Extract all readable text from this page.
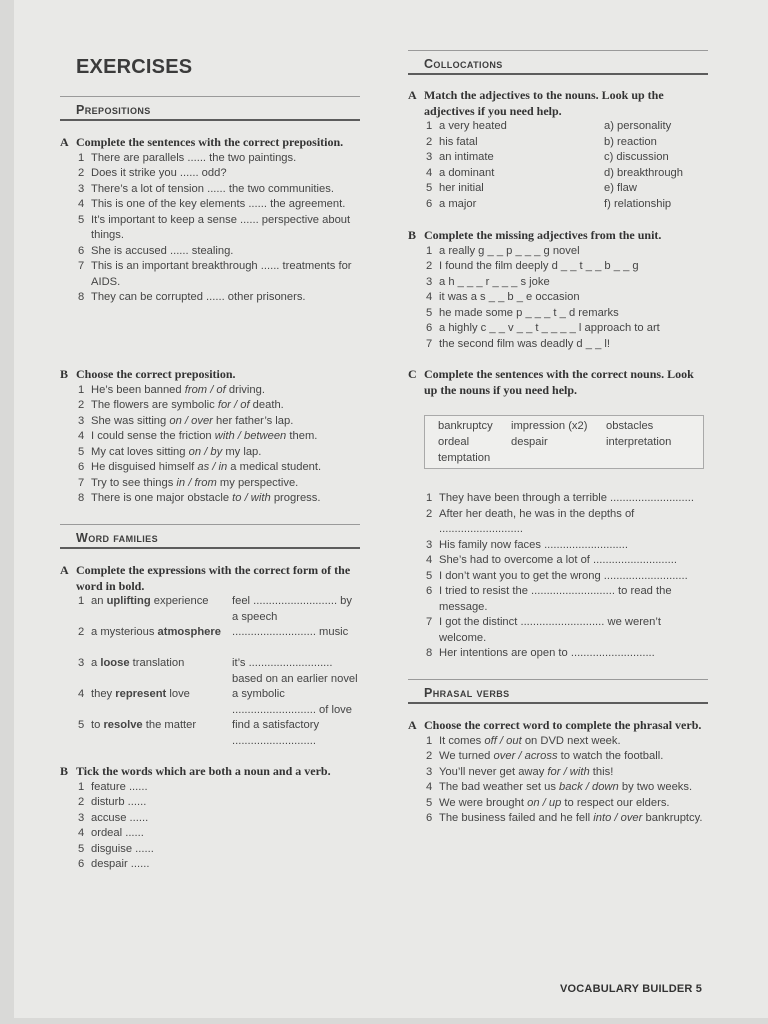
EXERCISES
Prepositions
A Complete the sentences with the correct preposition.
1 There are parallels ...... the two paintings.
2 Does it strike you ...... odd?
3 There’s a lot of tension ...... the two communities.
4 This is one of the key elements ...... the agreement.
5 It’s important to keep a sense ...... perspective about things.
6 She is accused ...... stealing.
7 This is an important breakthrough ...... treatments for AIDS.
8 They can be corrupted ...... other prisoners.
B Choose the correct preposition.
1 He’s been banned from / of driving.
2 The flowers are symbolic for / of death.
3 She was sitting on / over her father’s lap.
4 I could sense the friction with / between them.
5 My cat loves sitting on / by my lap.
6 He disguised himself as / in a medical student.
7 Try to see things in / from my perspective.
8 There is one major obstacle to / with progress.
Word families
A Complete the expressions with the correct form of the word in bold.
1 an uplifting experience	feel ........................... by a speech
2 a mysterious atmosphere ........................... music
3 a loose translation	it’s ........................... based on an earlier novel
4 they represent love	a symbolic ........................... of love
5 to resolve the matter	find a satisfactory ...........................
B Tick the words which are both a noun and a verb.
1 feature ......
2 disturb ......
3 accuse ......
4 ordeal ......
5 disguise ......
6 despair ......
Collocations
A Match the adjectives to the nouns. Look up the adjectives if you need help.
1 a very heated	a) personality
2 his fatal	b) reaction
3 an intimate	c) discussion
4 a dominant	d) breakthrough
5 her initial	e) flaw
6 a major	f) relationship
B Complete the missing adjectives from the unit.
1 a really g _ _ p _ _ _ g novel
2 I found the film deeply d _ _ t _ _ b _ _ g
3 a h _ _ _ r _ _ _ s joke
4 it was a s _ _ b _ e occasion
5 he made some p _ _ _ t _ d remarks
6 a highly c _ _ v _ _ t _ _ _ _ l approach to art
7 the second film was deadly d _ _ l!
C Complete the sentences with the correct nouns. Look up the nouns if you need help.
bankruptcy impression (x2) obstacles
ordeal	despair	interpretation
temptation
1 They have been through a terrible ...........................
2 After her death, he was in the depths of ...........................
3 His family now faces ...........................
4 She’s had to overcome a lot of ...........................
5 I don’t want you to get the wrong ...........................
6 I tried to resist the ........................... to read the message.
7 I got the distinct ........................... we weren’t welcome.
8 Her intentions are open to ...........................
Phrasal verbs
A Choose the correct word to complete the phrasal verb.
1 It comes off / out on DVD next week.
2 We turned over / across to watch the football.
3 You’ll never get away for / with this!
4 The bad weather set us back / down by two weeks.
5 We were brought on / up to respect our elders.
6 The business failed and he fell into / over bankruptcy.
VOCABULARY BUILDER 5
